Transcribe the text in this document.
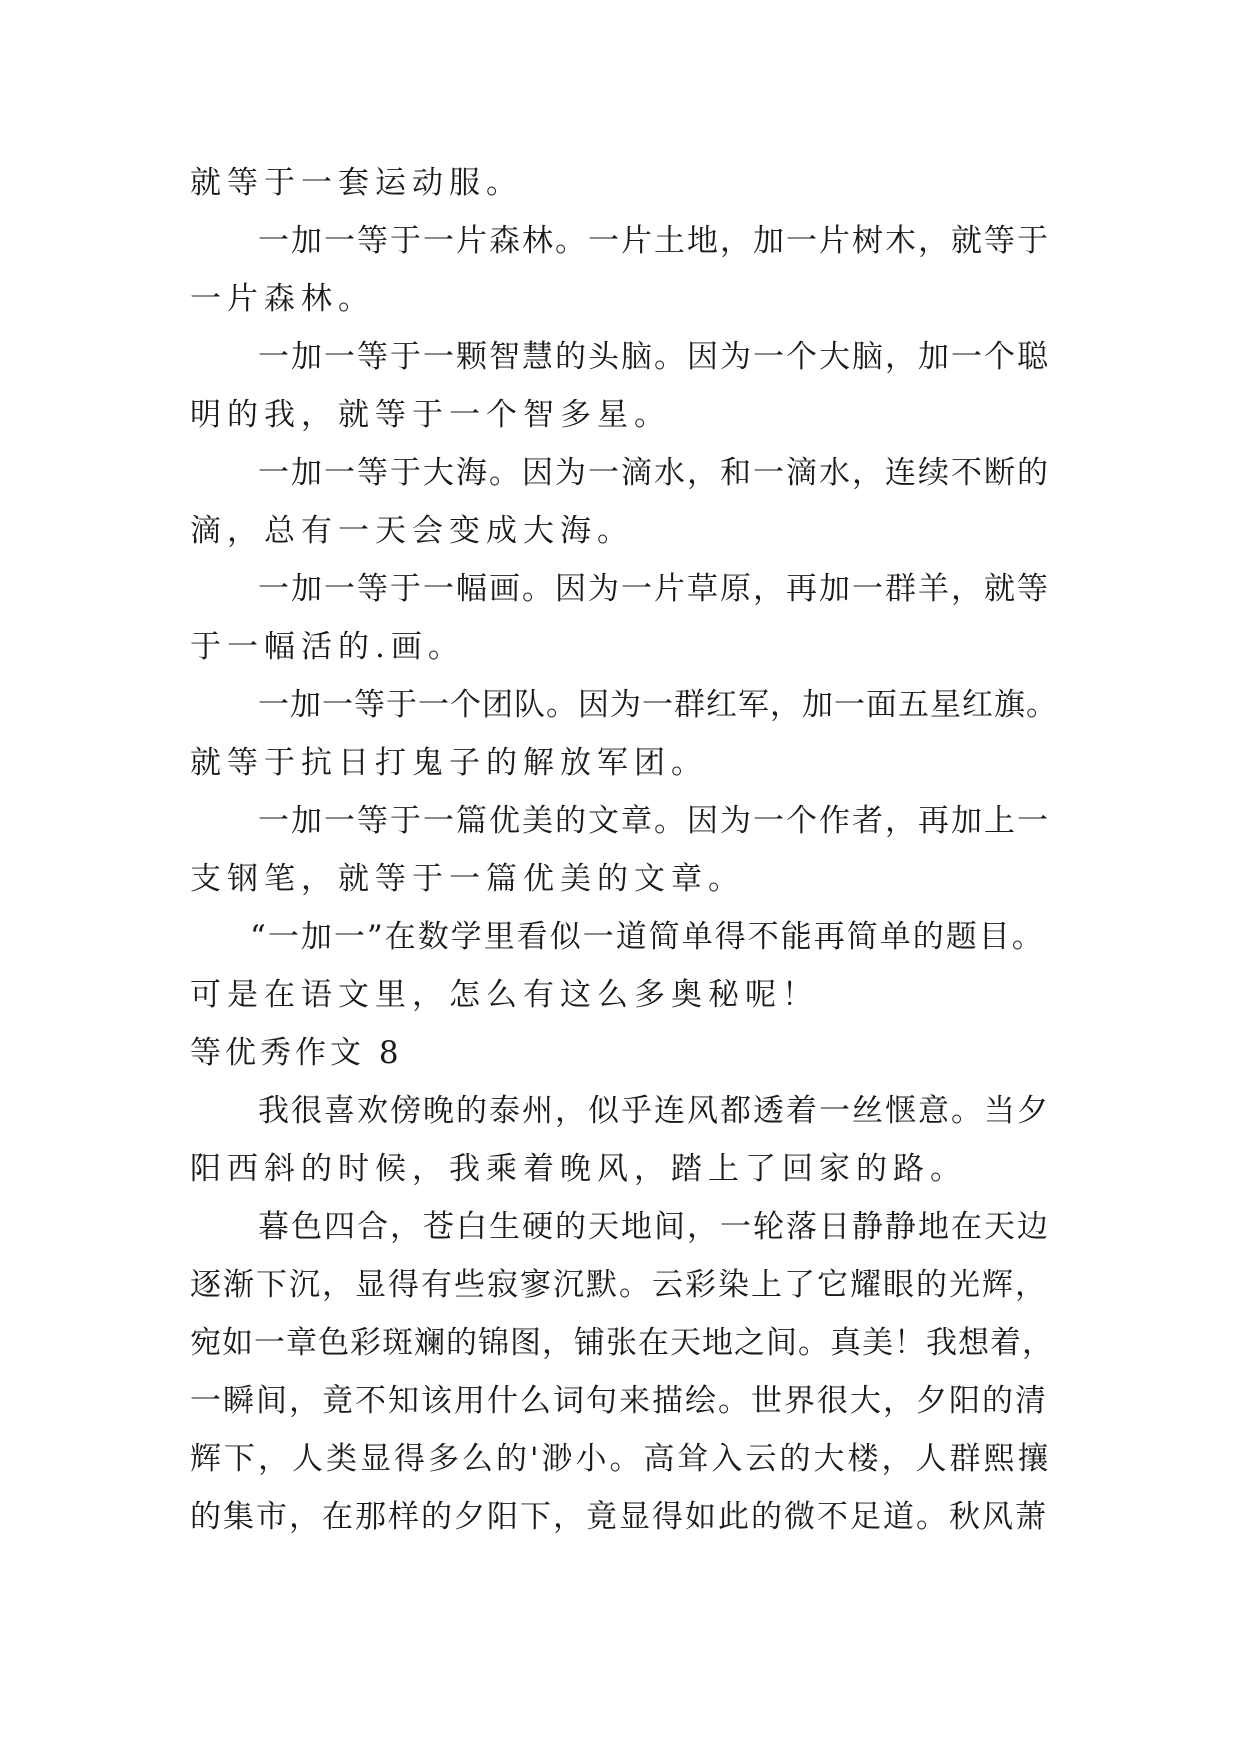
就等于一套运动服。
一加一等于一片森林。一片土地，加一片树木，就等于
一片森林。
一加一等于一颗智慧的头脑。因为一个大脑，加一个聪
明的我，就等于一个智多星。
一加一等于大海。因为一滴水，和一滴水，连续不断的
滴，总有一天会变成大海。
一加一等于一幅画。因为一片草原，再加一群羊，就等
于一幅活的.画。
一加一等于一个团队。因为一群红军，加一面五星红旗。
就等于抗日打鬼子的解放军团。
一加一等于一篇优美的文章。因为一个作者，再加上一
支钢笔，就等于一篇优美的文章。
“一加一”在数学里看似一道简单得不能再简单的题目。
可是在语文里，怎么有这么多奥秘呢！
等优秀作文 8
我很喜欢傍晚的泰州，似乎连风都透着一丝惬意。当夕
阳西斜的时候，我乘着晚风，踏上了回家的路。
暮色四合，苍白生硬的天地间，一轮落日静静地在天边
逐渐下沉，显得有些寂寥沉默。云彩染上了它耀眼的光辉，
宛如一章色彩斑斓的锦图，铺张在天地之间。真美！我想着，
一瞬间，竟不知该用什么词句来描绘。世界很大，夕阳的清
辉下，人类显得多么的'渺小。高耸入云的大楼，人群熙攘
的集市，在那样的夕阳下，竟显得如此的微不足道。秋风萧
